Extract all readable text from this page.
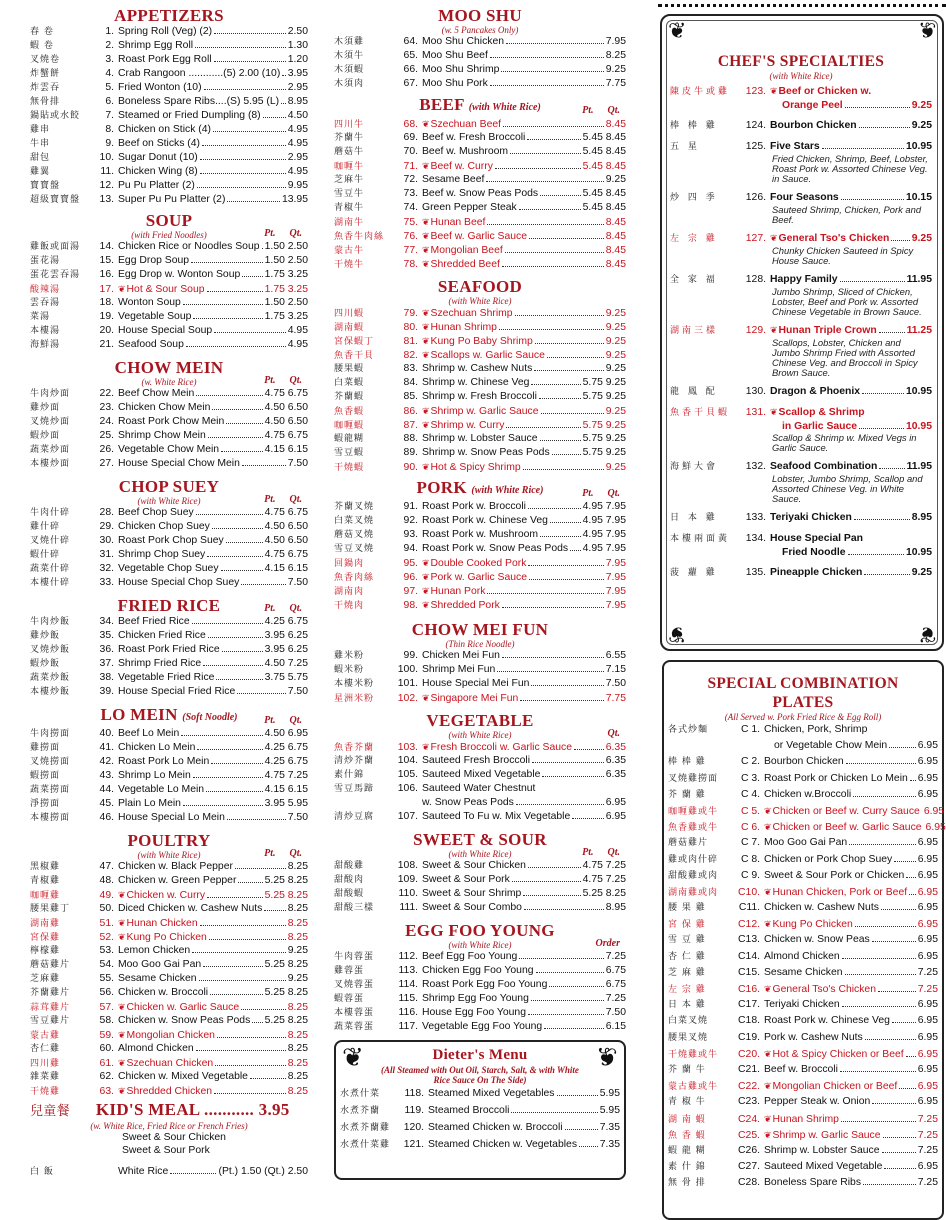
APPETIZERS
春 卷	1. Spring Roll (Veg) (2)	2.50
蝦 卷	2. Shrimp Egg Roll	1.30
叉燒卷	3. Roast Pork Egg Roll	1.20
炸蟹餅	4. Crab Rangoon ............(5) 2.00 (10) 3.95
炸雲吞	5. Fried Wonton (10)	2.95
無骨排	6. Boneless Spare Ribs....(S) 5.95 (L) 8.95
鍋貼或水餃	7. Steamed or Fried Dumpling (8)	4.50
雞串	8. Chicken on Stick (4)	4.95
牛串	9. Beef on Sticks (4)	4.95
甜包	10. Sugar Donut (10)	2.95
雞翼	11. Chicken Wing (8)	4.95
寶寶盤	12. Pu Pu Platter (2)	9.95
超級寶寶盤	13. Super Pu Pu Platter (2)	13.95
SOUP
(with Fried Noodles)	Pt. Qt.
雞飯或面湯	14. Chicken Rice or Noodles Soup 1.50 2.50
蛋花湯	15. Egg Drop Soup	1.50 2.50
蛋花雲吞湯	16. Egg Drop w. Wonton Soup 1.75 3.25
酸辣湯	17. ❦ Hot & Sour Soup	1.75 3.25
雲吞湯	18. Wonton Soup	1.50 2.50
菜湯	19. Vegetable Soup	1.75 3.25
本樓湯	20. House Special Soup	4.95
海鮮湯	21. Seafood Soup	4.95
CHOW MEIN
(w. White Rice)	Pt. Qt.
牛肉炒面	22. Beef Chow Mein	4.75 6.75
雞炒面	23. Chicken Chow Mein	4.50 6.50
叉燒炒面	24. Roast Pork Chow Mein	4.50 6.50
蝦炒面	25. Shrimp Chow Mein	4.75 6.75
蔬菜炒面	26. Vegetable Chow Mein	4.15 6.15
本樓炒面	27. House Special Chow Mein	7.50
CHOP SUEY
(with White Rice)	Pt. Qt.
牛肉什碎	28. Beef Chop Suey	4.75 6.75
雞什碎	29. Chicken Chop Suey	4.50 6.50
叉燒什碎	30. Roast Pork Chop Suey	4.50 6.50
蝦什碎	31. Shrimp Chop Suey	4.75 6.75
蔬菜什碎	32. Vegetable Chop Suey	4.15 6.15
本樓什碎	33. House Special Chop Suey	7.50
FRIED RICE	Pt. Qt.
牛肉炒飯	34. Beef Fried Rice	4.25 6.75
雞炒飯	35. Chicken Fried Rice	3.95 6.25
叉燒炒飯	36. Roast Pork Fried Rice	3.95 6.25
蝦炒飯	37. Shrimp Fried Rice	4.50 7.25
蔬菜炒飯	38. Vegetable Fried Rice	3.75 5.75
本樓炒飯	39. House Special Fried Rice	7.50
LO MEIN (Soft Noodle)	Pt. Qt.
牛肉撈面	40. Beef Lo Mein	4.50 6.95
雞撈面	41. Chicken Lo Mein	4.25 6.75
叉燒撈面	42. Roast Pork Lo Mein	4.25 6.75
蝦撈面	43. Shrimp Lo Mein	4.75 7.25
蔬菜撈面	44. Vegetable Lo Mein	4.15 6.15
淨撈面	45. Plain Lo Mein	3.95 5.95
本樓撈面	46. House Special Lo Mein	7.50
POULTRY
(with White Rice)	Pt. Qt.
黑椒雞	47. Chicken w. Black Pepper	8.25
青椒雞	48. Chicken w. Green Pepper	5.25 8.25
咖喱雞	49. ❦ Chicken w. Curry	5.25 8.25
腰果雞丁	50. Diced Chicken w. Cashew Nuts 8.25
湖南雞	51. ❦ Hunan Chicken	8.25
宮保雞	52. ❦ Kung Po Chicken	8.25
檸檬雞	53. Lemon Chicken	9.25
蘑菇雞片	54. Moo Goo Gai Pan	5.25 8.25
芝麻雞	55. Sesame Chicken	9.25
芥蘭雞片	56. Chicken w. Broccoli	5.25 8.25
蒜茸雞片	57. ❦ Chicken w. Garlic Sauce	8.25
雪豆雞片	58. Chicken w. Snow Peas Pods 5.25 8.25
蒙古雞	59. ❦ Mongolian Chicken	8.25
杏仁雞	60. Almond Chicken	8.25
四川雞	61. ❦ Szechuan Chicken	8.25
雜菜雞	62. Chicken w. Mixed Vegetable	8.25
干燒雞	63. ❦ Shredded Chicken	8.25
兒童餐 KID'S MEAL ........... 3.95
(w. White Rice, Fried Rice or French Fries)
Sweet & Sour Chicken
Sweet & Sour Pork
白 飯	White Rice	(Pt.) 1.50 (Qt.) 2.50
MOO SHU
(w. 5 Pancakes Only)
木須雞	64. Moo Shu Chicken	7.95
木須牛	65. Moo Shu Beef	8.25
木須蝦	66. Moo Shu Shrimp	9.25
木須肉	67. Moo Shu Pork	7.75
BEEF (with White Rice)	Pt. Qt.
四川牛	68. ❦ Szechuan Beef	8.45
芥蘭牛	69. Beef w. Fresh Broccoli	5.45 8.45
蘑菇牛	70. Beef w. Mushroom	5.45 8.45
咖喱牛	71. ❦ Beef w. Curry	5.45 8.45
芝麻牛	72. Sesame Beef	9.25
雪豆牛	73. Beef w. Snow Peas Pods	5.45 8.45
青椒牛	74. Green Pepper Steak	5.45 8.45
湖南牛	75. ❦ Hunan Beef	8.45
魚香牛肉絲	76. ❦ Beef w. Garlic Sauce	8.45
蒙古牛	77. ❦ Mongolian Beef	8.45
干燒牛	78. ❦ Shredded Beef	8.45
SEAFOOD
(with White Rice)
四川蝦	79. ❦ Szechuan Shrimp	9.25
湖南蝦	80. ❦ Hunan Shrimp	9.25
宮保蝦丁	81. ❦ Kung Po Baby Shrimp	9.25
魚香干貝	82. ❦ Scallops w. Garlic Sauce	9.25
腰果蝦	83. Shrimp w. Cashew Nuts	9.25
白菜蝦	84. Shrimp w. Chinese Veg	5.75 9.25
芥蘭蝦	85. Shrimp w. Fresh Broccoli	5.75 9.25
魚香蝦	86. ❦ Shrimp w. Garlic Sauce	9.25
咖喱蝦	87. ❦ Shrimp w. Curry	5.75 9.25
蝦龍糊	88. Shrimp w. Lobster Sauce	5.75 9.25
雪豆蝦	89. Shrimp w. Snow Peas Pods	5.75 9.25
干燒蝦	90. ❦ Hot & Spicy Shrimp	9.25
PORK (with White Rice)	Pt. Qt.
芥蘭叉燒	91. Roast Pork w. Broccoli	4.95 7.95
白菜叉燒	92. Roast Pork w. Chinese Veg	4.95 7.95
蘑菇叉燒	93. Roast Pork w. Mushroom	4.95 7.95
雪豆叉燒	94. Roast Pork w. Snow Peas Pods 4.95 7.95
回鍋肉	95. ❦ Double Cooked Pork	7.95
魚香肉絲	96. ❦ Pork w. Garlic Sauce	7.95
湖南肉	97. ❦ Hunan Pork	7.95
干燒肉	98. ❦ Shredded Pork	7.95
CHOW MEI FUN
(Thin Rice Noodle)
雞米粉	99. Chicken Mei Fun	6.55
蝦米粉	100. Shrimp Mei Fun	7.15
本樓米粉	101. House Special Mei Fun	7.50
星洲米粉	102. ❦ Singapore Mei Fun	7.75
VEGETABLE
(with White Rice)	Qt.
魚香芥蘭	103. ❦ Fresh Broccoli w. Garlic Sauce	6.35
清炒芥蘭	104. Sauteed Fresh Broccoli	6.35
素什錦	105. Sauteed Mixed Vegetable	6.35
雪豆馬蹄	106. Sauteed Water Chestnut
w. Snow Peas Pods	6.95
清炒豆腐	107. Sauteed To Fu w. Mix Vegetable	6.95
SWEET & SOUR
(with White Rice)	Pt. Qt.
甜酸雞	108. Sweet & Sour Chicken	4.75 7.25
甜酸肉	109. Sweet & Sour Pork	4.75 7.25
甜酸蝦	110. Sweet & Sour Shrimp	5.25 8.25
甜酸三樣	111. Sweet & Sour Combo	8.95
EGG FOO YOUNG
(with White Rice)	Order
牛肉蓉蛋	112. Beef Egg Foo Young	7.25
雞蓉蛋	113. Chicken Egg Foo Young	6.75
叉燒蓉蛋	114. Roast Pork Egg Foo Young	6.75
蝦蓉蛋	115. Shrimp Egg Foo Young	7.25
本樓蓉蛋	116. House Egg Foo Young	7.50
蔬菜蓉蛋	117. Vegetable Egg Foo Young	6.15
❦	❦
Dieter's Menu
(All Steamed with Out Oil, Starch, Salt, & with White Rice Sauce On The Side)
水煮什菜	118. Steamed Mixed Vegetables	5.95
水煮芥蘭	119. Steamed Broccoli	5.95
水煮芥蘭雞	120. Steamed Chicken w. Broccoli	7.35
水煮什菜雞	121. Steamed Chicken w. Vegetables 7.35
❦	❦
❦	❦
CHEF'S SPECIALTIES
(with White Rice)
陳皮牛或雞	123. ❦ Beef or Chicken w.
Orange Peel	9.25
棒 棒 雞	124. Bourbon Chicken	9.25
五 星	125. Five Stars	10.95
Fried Chicken, Shrimp, Beef, Lobster, Roast Pork w. Assorted Chinese Veg. in Sauce.
炒 四 季	126. Four Seasons	10.15
Sauteed Shrimp, Chicken, Pork and Beef.
左 宗 雞	127. ❦ General Tso's Chicken 9.25
Chunky Chicken Sauteed in Spicy House Sauce.
全 家 福	128. Happy Family	11.95
Jumbo Shrimp, Sliced of Chicken, Lobster, Beef and Pork w. Assorted Chinese Vegetable in Brown Sauce.
湖南三樣	129. ❦ Hunan Triple Crown	11.25
Scallops, Lobster, Chicken and Jumbo Shrimp Fried with Assorted Chinese Veg. and Broccoli in Spicy Brown Sauce.
龍 鳳 配	130. Dragon & Phoenix	10.95
魚香干貝蝦	131. ❦ Scallop & Shrimp
in Garlic Sauce	10.95
Scallop & Shrimp w. Mixed Vegs in Garlic Sauce.
海鮮大會	132. Seafood Combination	11.95
Lobster, Jumbo Shrimp, Scallop and Assorted Chinese Veg. in White Sauce.
日 本 雞	133. Teriyaki Chicken	8.95
本樓兩面黃	134. House Special Pan
Fried Noodle	10.95
菠 蘿 雞	135. Pineapple Chicken	9.25
SPECIAL COMBINATION PLATES
(All Served w. Pork Fried Rice & Egg Roll)
各式炒麵	C 1. Chicken, Pork, Shrimp
or Vegetable Chow Mein	6.95
棒 棒 雞	C 2. Bourbon Chicken	6.95
叉燒雞撈面	C 3. Roast Pork or Chicken Lo Mein 6.95
芥 蘭 雞	C 4. Chicken w.Broccoli	6.95
咖喱雞或牛	C 5. ❦ Chicken or Beef w. Curry Sauce 6.95
魚香雞或牛	C 6. ❦ Chicken or Beef w. Garlic Sauce 6.95
蘑菇雞片	C 7. Moo Goo Gai Pan	6.95
雞或肉什碎	C 8. Chicken or Pork Chop Suey 6.95
甜酸雞或肉	C 9. Sweet & Sour Pork or Chicken 6.95
湖南雞或肉	C10. ❦ Hunan Chicken, Pork or Beef 6.95
腰 果 雞	C11. Chicken w. Cashew Nuts	6.95
宮 保 雞	C12. ❦ Kung Po Chicken	6.95
雪 豆 雞	C13. Chicken w. Snow Peas	6.95
杏 仁 雞	C14. Almond Chicken	6.95
芝 麻 雞	C15. Sesame Chicken	7.25
左 宗 雞	C16. ❦ General Tso's Chicken	7.25
日 本 雞	C17. Teriyaki Chicken	6.95
白菜叉燒	C18. Roast Pork w. Chinese Veg	6.95
腰果叉燒	C19. Pork w. Cashew Nuts	6.95
干燒雞或牛	C20. ❦ Hot & Spicy Chicken or Beef 6.95
芥 蘭 牛	C21. Beef w. Broccoli	6.95
蒙古雞或牛	C22. ❦ Mongolian Chicken or Beef 6.95
青 椒 牛	C23. Pepper Steak w. Onion	6.95
湖 南 蝦	C24. ❦ Hunan Shrimp	7.25
魚 香 蝦	C25. ❦ Shrimp w. Garlic Sauce	7.25
蝦 龍 糊	C26. Shrimp w. Lobster Sauce	7.25
素 什 錦	C27. Sauteed Mixed Vegetable	6.95
無 骨 排	C28. Boneless Spare Ribs	7.25
